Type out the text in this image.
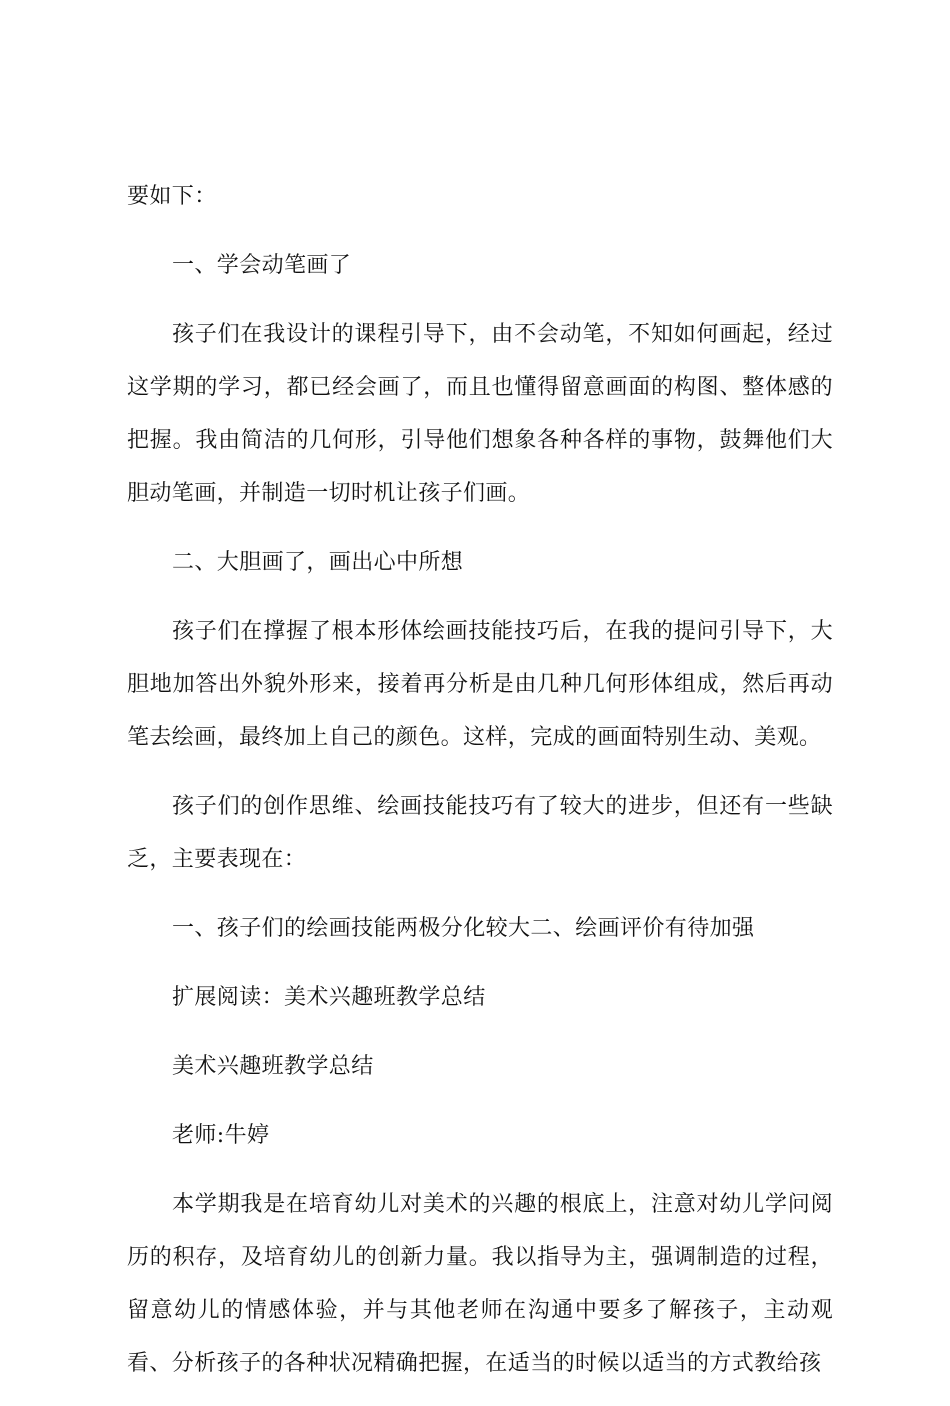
要如下：

一、学会动笔画了

孩子们在我设计的课程引导下，由不会动笔，不知如何画起，经过这学期的学习，都已经会画了，而且也懂得留意画面的构图、整体感的把握。我由简洁的几何形，引导他们想象各种各样的事物，鼓舞他们大胆动笔画，并制造一切时机让孩子们画。

二、大胆画了，画出心中所想

孩子们在撑握了根本形体绘画技能技巧后，在我的提问引导下，大胆地加答出外貌外形来，接着再分析是由几种几何形体组成，然后再动笔去绘画，最终加上自己的颜色。这样，完成的画面特别生动、美观。

孩子们的创作思维、绘画技能技巧有了较大的进步，但还有一些缺乏，主要表现在：

一、孩子们的绘画技能两极分化较大二、绘画评价有待加强

扩展阅读：美术兴趣班教学总结

美术兴趣班教学总结

老师:牛婷

本学期我是在培育幼儿对美术的兴趣的根底上，注意对幼儿学问阅历的积存，及培育幼儿的创新力量。我以指导为主，强调制造的过程，留意幼儿的情感体验，并与其他老师在沟通中要多了解孩子，主动观看、分析孩子的各种状况精确把握，在适当的时候以适当的方式教给孩
